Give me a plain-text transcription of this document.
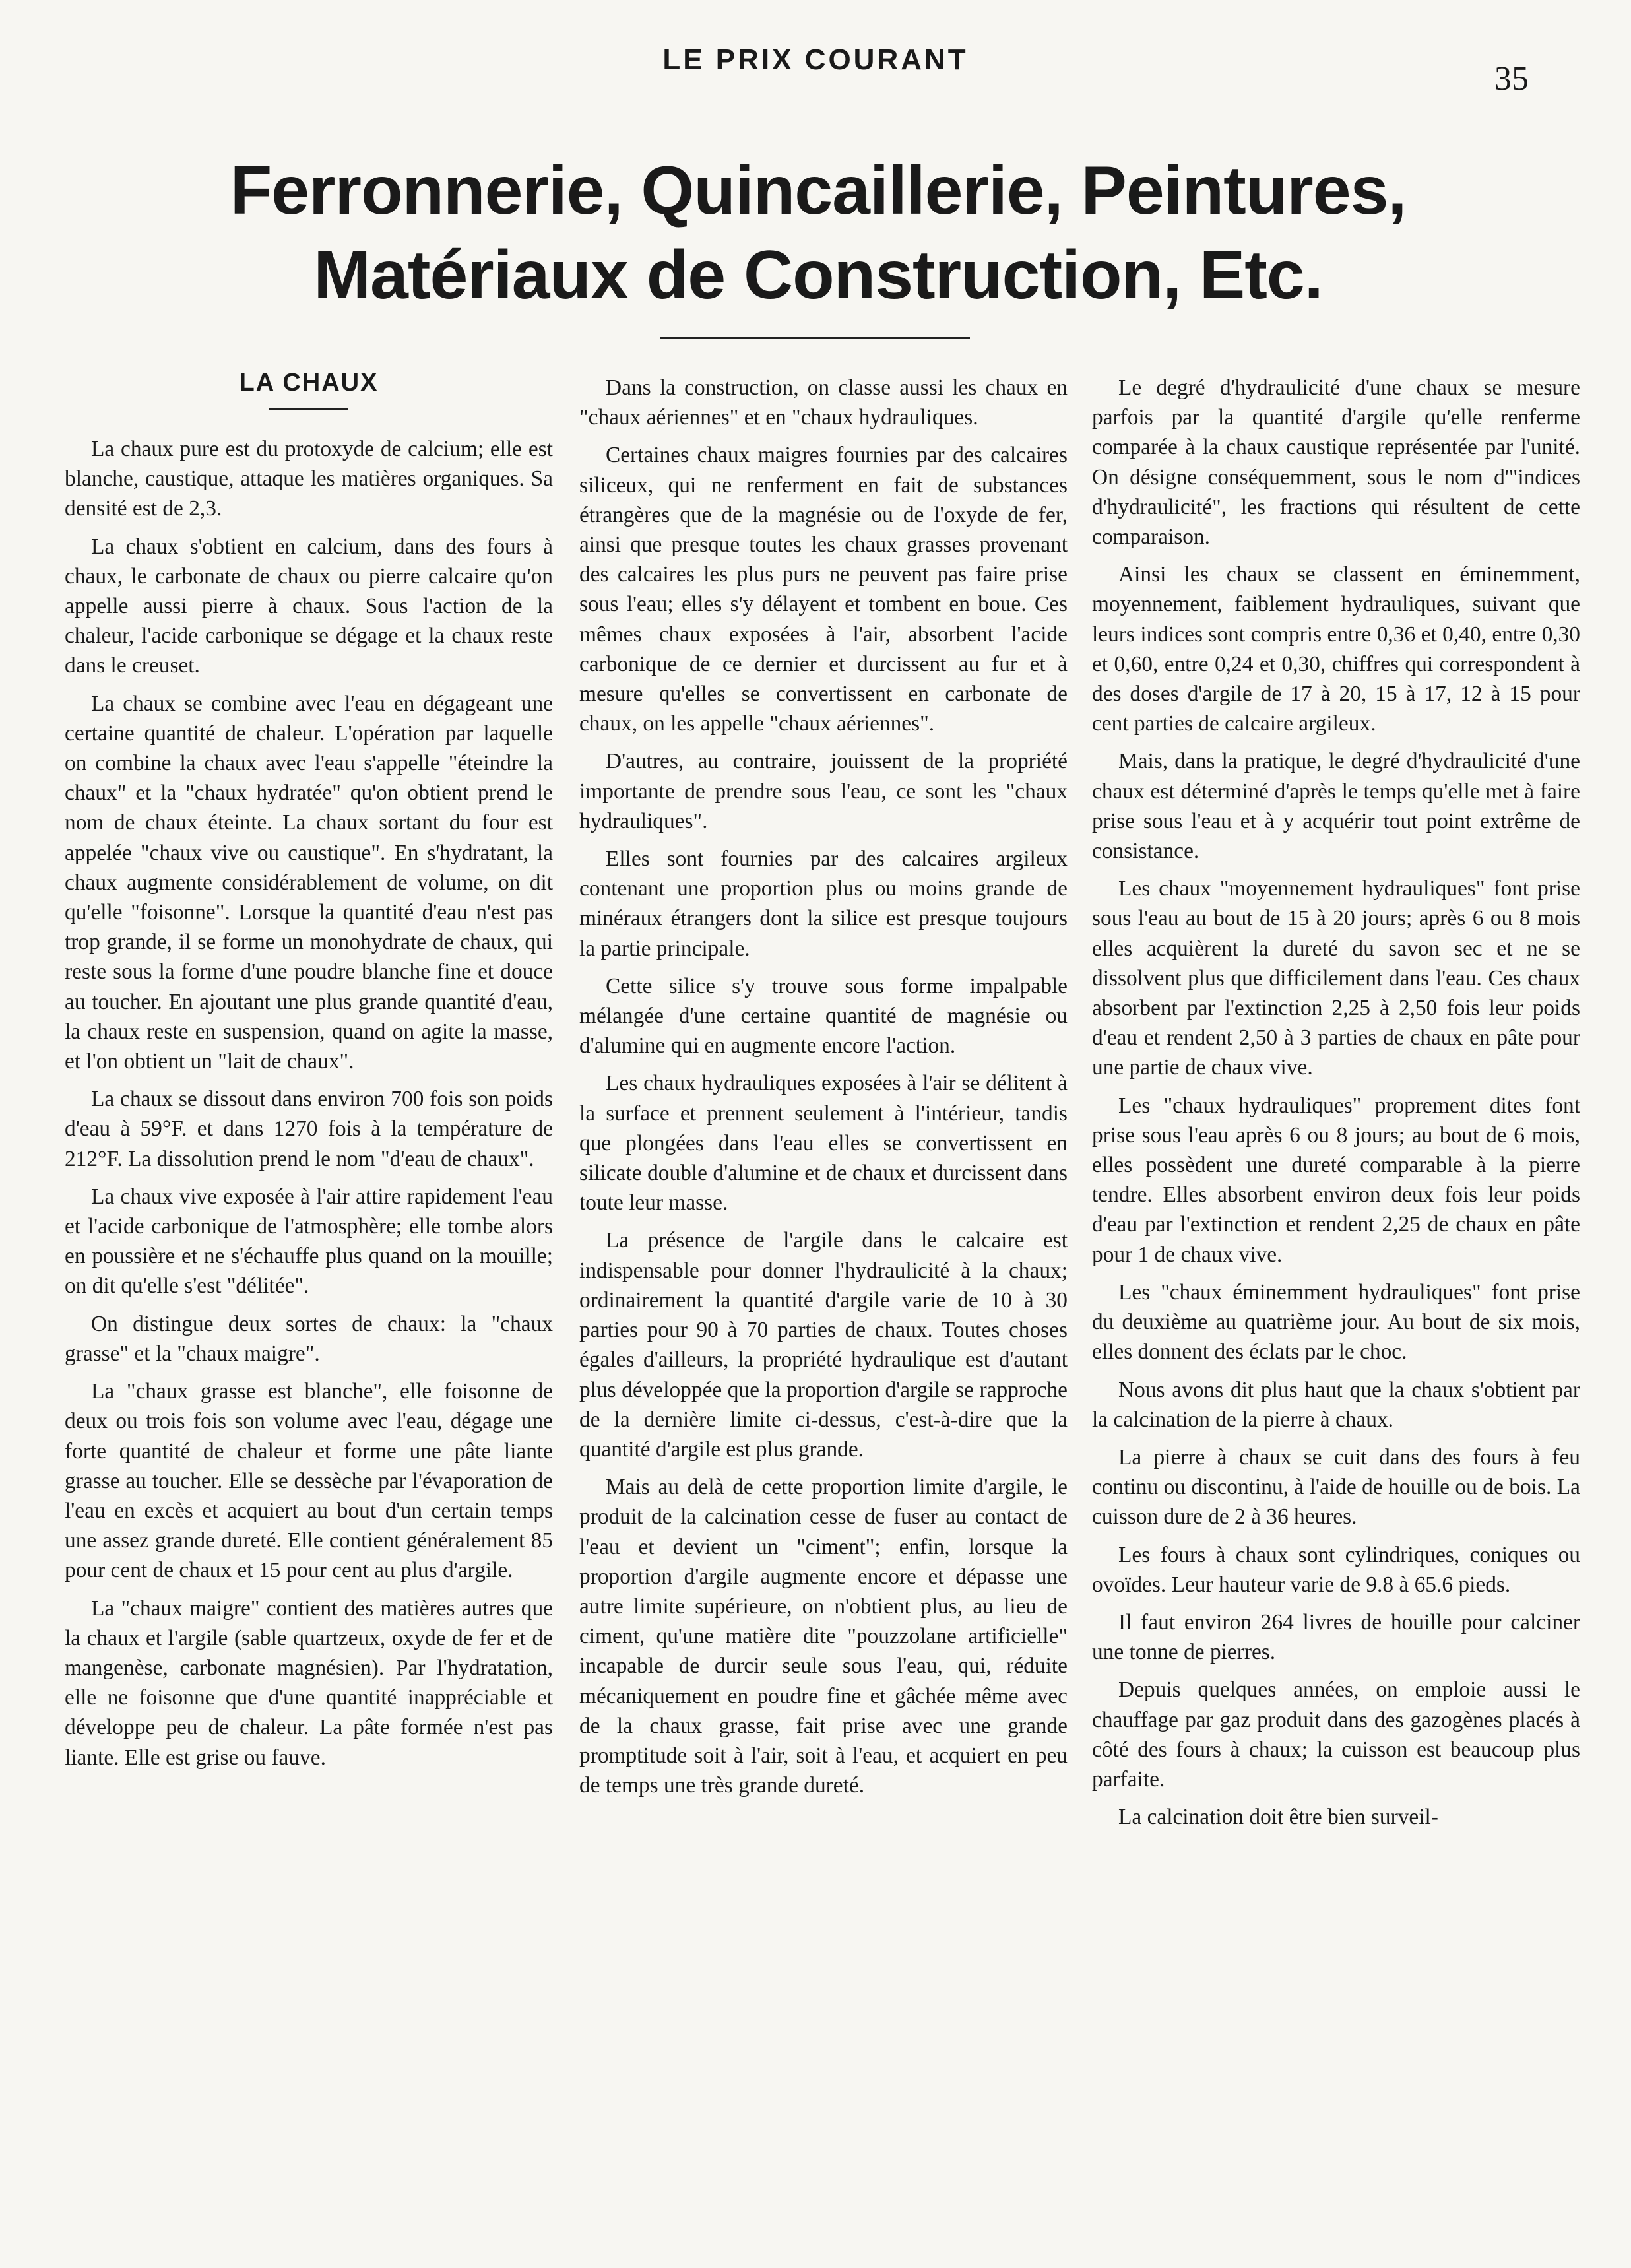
LE PRIX COURANT
35
Ferronnerie, Quincaillerie, Peintures, Matériaux de Construction, Etc.
LA CHAUX

La chaux pure est du protoxyde de calcium; elle est blanche, caustique, attaque les matières organiques. Sa densité est de 2,3.

La chaux s'obtient en calcium, dans des fours à chaux, le carbonate de chaux ou pierre calcaire qu'on appelle aussi pierre à chaux. Sous l'action de la chaleur, l'acide carbonique se dégage et la chaux reste dans le creuset.

La chaux se combine avec l'eau en dégageant une certaine quantité de chaleur. L'opération par laquelle on combine la chaux avec l'eau s'appelle "éteindre la chaux" et la "chaux hydratée" qu'on obtient prend le nom de chaux éteinte. La chaux sortant du four est appelée "chaux vive ou caustique". En s'hydratant, la chaux augmente considérablement de volume, on dit qu'elle "foisonne". Lorsque la quantité d'eau n'est pas trop grande, il se forme un monohydrate de chaux, qui reste sous la forme d'une poudre blanche fine et douce au toucher. En ajoutant une plus grande quantité d'eau, la chaux reste en suspension, quand on agite la masse, et l'on obtient un "lait de chaux".

La chaux se dissout dans environ 700 fois son poids d'eau à 59°F. et dans 1270 fois à la température de 212°F. La dissolution prend le nom "d'eau de chaux".

La chaux vive exposée à l'air attire rapidement l'eau et l'acide carbonique de l'atmosphère; elle tombe alors en poussière et ne s'échauffe plus quand on la mouille; on dit qu'elle s'est "délitée".

On distingue deux sortes de chaux: la "chaux grasse" et la "chaux maigre".

La "chaux grasse est blanche", elle foisonne de deux ou trois fois son volume avec l'eau, dégage une forte quantité de chaleur et forme une pâte liante grasse au toucher. Elle se dessèche par l'évaporation de l'eau en excès et acquiert au bout d'un certain temps une assez grande dureté. Elle contient généralement 85 pour cent de chaux et 15 pour cent au plus d'argile.

La "chaux maigre" contient des matières autres que la chaux et l'argile (sable quartzeux, oxyde de fer et de mangenèse, carbonate magnésien). Par l'hydratation, elle ne foisonne que d'une quantité inappréciable et développe peu de chaleur. La pâte formée n'est pas liante. Elle est grise ou fauve.

Dans la construction, on classe aussi les chaux en "chaux aériennes" et en "chaux hydrauliques.

Certaines chaux maigres fournies par des calcaires siliceux, qui ne renferment en fait de substances étrangères que de la magnésie ou de l'oxyde de fer, ainsi que presque toutes les chaux grasses provenant des calcaires les plus purs ne peuvent pas faire prise sous l'eau; elles s'y délayent et tombent en boue. Ces mêmes chaux exposées à l'air, absorbent l'acide carbonique de ce dernier et durcissent au fur et à mesure qu'elles se convertissent en carbonate de chaux, on les appelle "chaux aériennes".

D'autres, au contraire, jouissent de la propriété importante de prendre sous l'eau, ce sont les "chaux hydrauliques".

Elles sont fournies par des calcaires argileux contenant une proportion plus ou moins grande de minéraux étrangers dont la silice est presque toujours la partie principale.

Cette silice s'y trouve sous forme impalpable mélangée d'une certaine quantité de magnésie ou d'alumine qui en augmente encore l'action.

Les chaux hydrauliques exposées à l'air se délitent à la surface et prennent seulement à l'intérieur, tandis que plongées dans l'eau elles se convertissent en silicate double d'alumine et de chaux et durcissent dans toute leur masse.

La présence de l'argile dans le calcaire est indispensable pour donner l'hydraulicité à la chaux; ordinairement la quantité d'argile varie de 10 à 30 parties pour 90 à 70 parties de chaux. Toutes choses égales d'ailleurs, la propriété hydraulique est d'autant plus développée que la proportion d'argile se rapproche de la dernière limite ci-dessus, c'est-à-dire que la quantité d'argile est plus grande.

Mais au delà de cette proportion limite d'argile, le produit de la calcination cesse de fuser au contact de l'eau et devient un "ciment"; enfin, lorsque la proportion d'argile augmente encore et dépasse une autre limite supérieure, on n'obtient plus, au lieu de ciment, qu'une matière dite "pouzzolane artificielle" incapable de durcir seule sous l'eau, qui, réduite mécaniquement en poudre fine et gâchée même avec de la chaux grasse, fait prise avec une grande promptitude soit à l'air, soit à l'eau, et acquiert en peu de temps une très grande dureté.

Le degré d'hydraulicité d'une chaux se mesure parfois par la quantité d'argile qu'elle renferme comparée à la chaux caustique représentée par l'unité. On désigne conséquemment, sous le nom d'"indices d'hydraulicité", les fractions qui résultent de cette comparaison.

Ainsi les chaux se classent en éminemment, moyennement, faiblement hydrauliques, suivant que leurs indices sont compris entre 0,36 et 0,40, entre 0,30 et 0,60, entre 0,24 et 0,30, chiffres qui correspondent à des doses d'argile de 17 à 20, 15 à 17, 12 à 15 pour cent parties de calcaire argileux.

Mais, dans la pratique, le degré d'hydraulicité d'une chaux est déterminé d'après le temps qu'elle met à faire prise sous l'eau et à y acquérir tout point extrême de consistance.

Les chaux "moyennement hydrauliques" font prise sous l'eau au bout de 15 à 20 jours; après 6 ou 8 mois elles acquièrent la dureté du savon sec et ne se dissolvent plus que difficilement dans l'eau. Ces chaux absorbent par l'extinction 2,25 à 2,50 fois leur poids d'eau et rendent 2,50 à 3 parties de chaux en pâte pour une partie de chaux vive.

Les "chaux hydrauliques" proprement dites font prise sous l'eau après 6 ou 8 jours; au bout de 6 mois, elles possèdent une dureté comparable à la pierre tendre. Elles absorbent environ deux fois leur poids d'eau par l'extinction et rendent 2,25 de chaux en pâte pour 1 de chaux vive.

Les "chaux éminemment hydrauliques" font prise du deuxième au quatrième jour. Au bout de six mois, elles donnent des éclats par le choc.

Nous avons dit plus haut que la chaux s'obtient par la calcination de la pierre à chaux.

La pierre à chaux se cuit dans des fours à feu continu ou discontinu, à l'aide de houille ou de bois. La cuisson dure de 2 à 36 heures.

Les fours à chaux sont cylindriques, coniques ou ovoïdes. Leur hauteur varie de 9.8 à 65.6 pieds.

Il faut environ 264 livres de houille pour calciner une tonne de pierres.

Depuis quelques années, on emploie aussi le chauffage par gaz produit dans des gazogènes placés à côté des fours à chaux; la cuisson est beaucoup plus parfaite.

La calcination doit être bien surveil-
